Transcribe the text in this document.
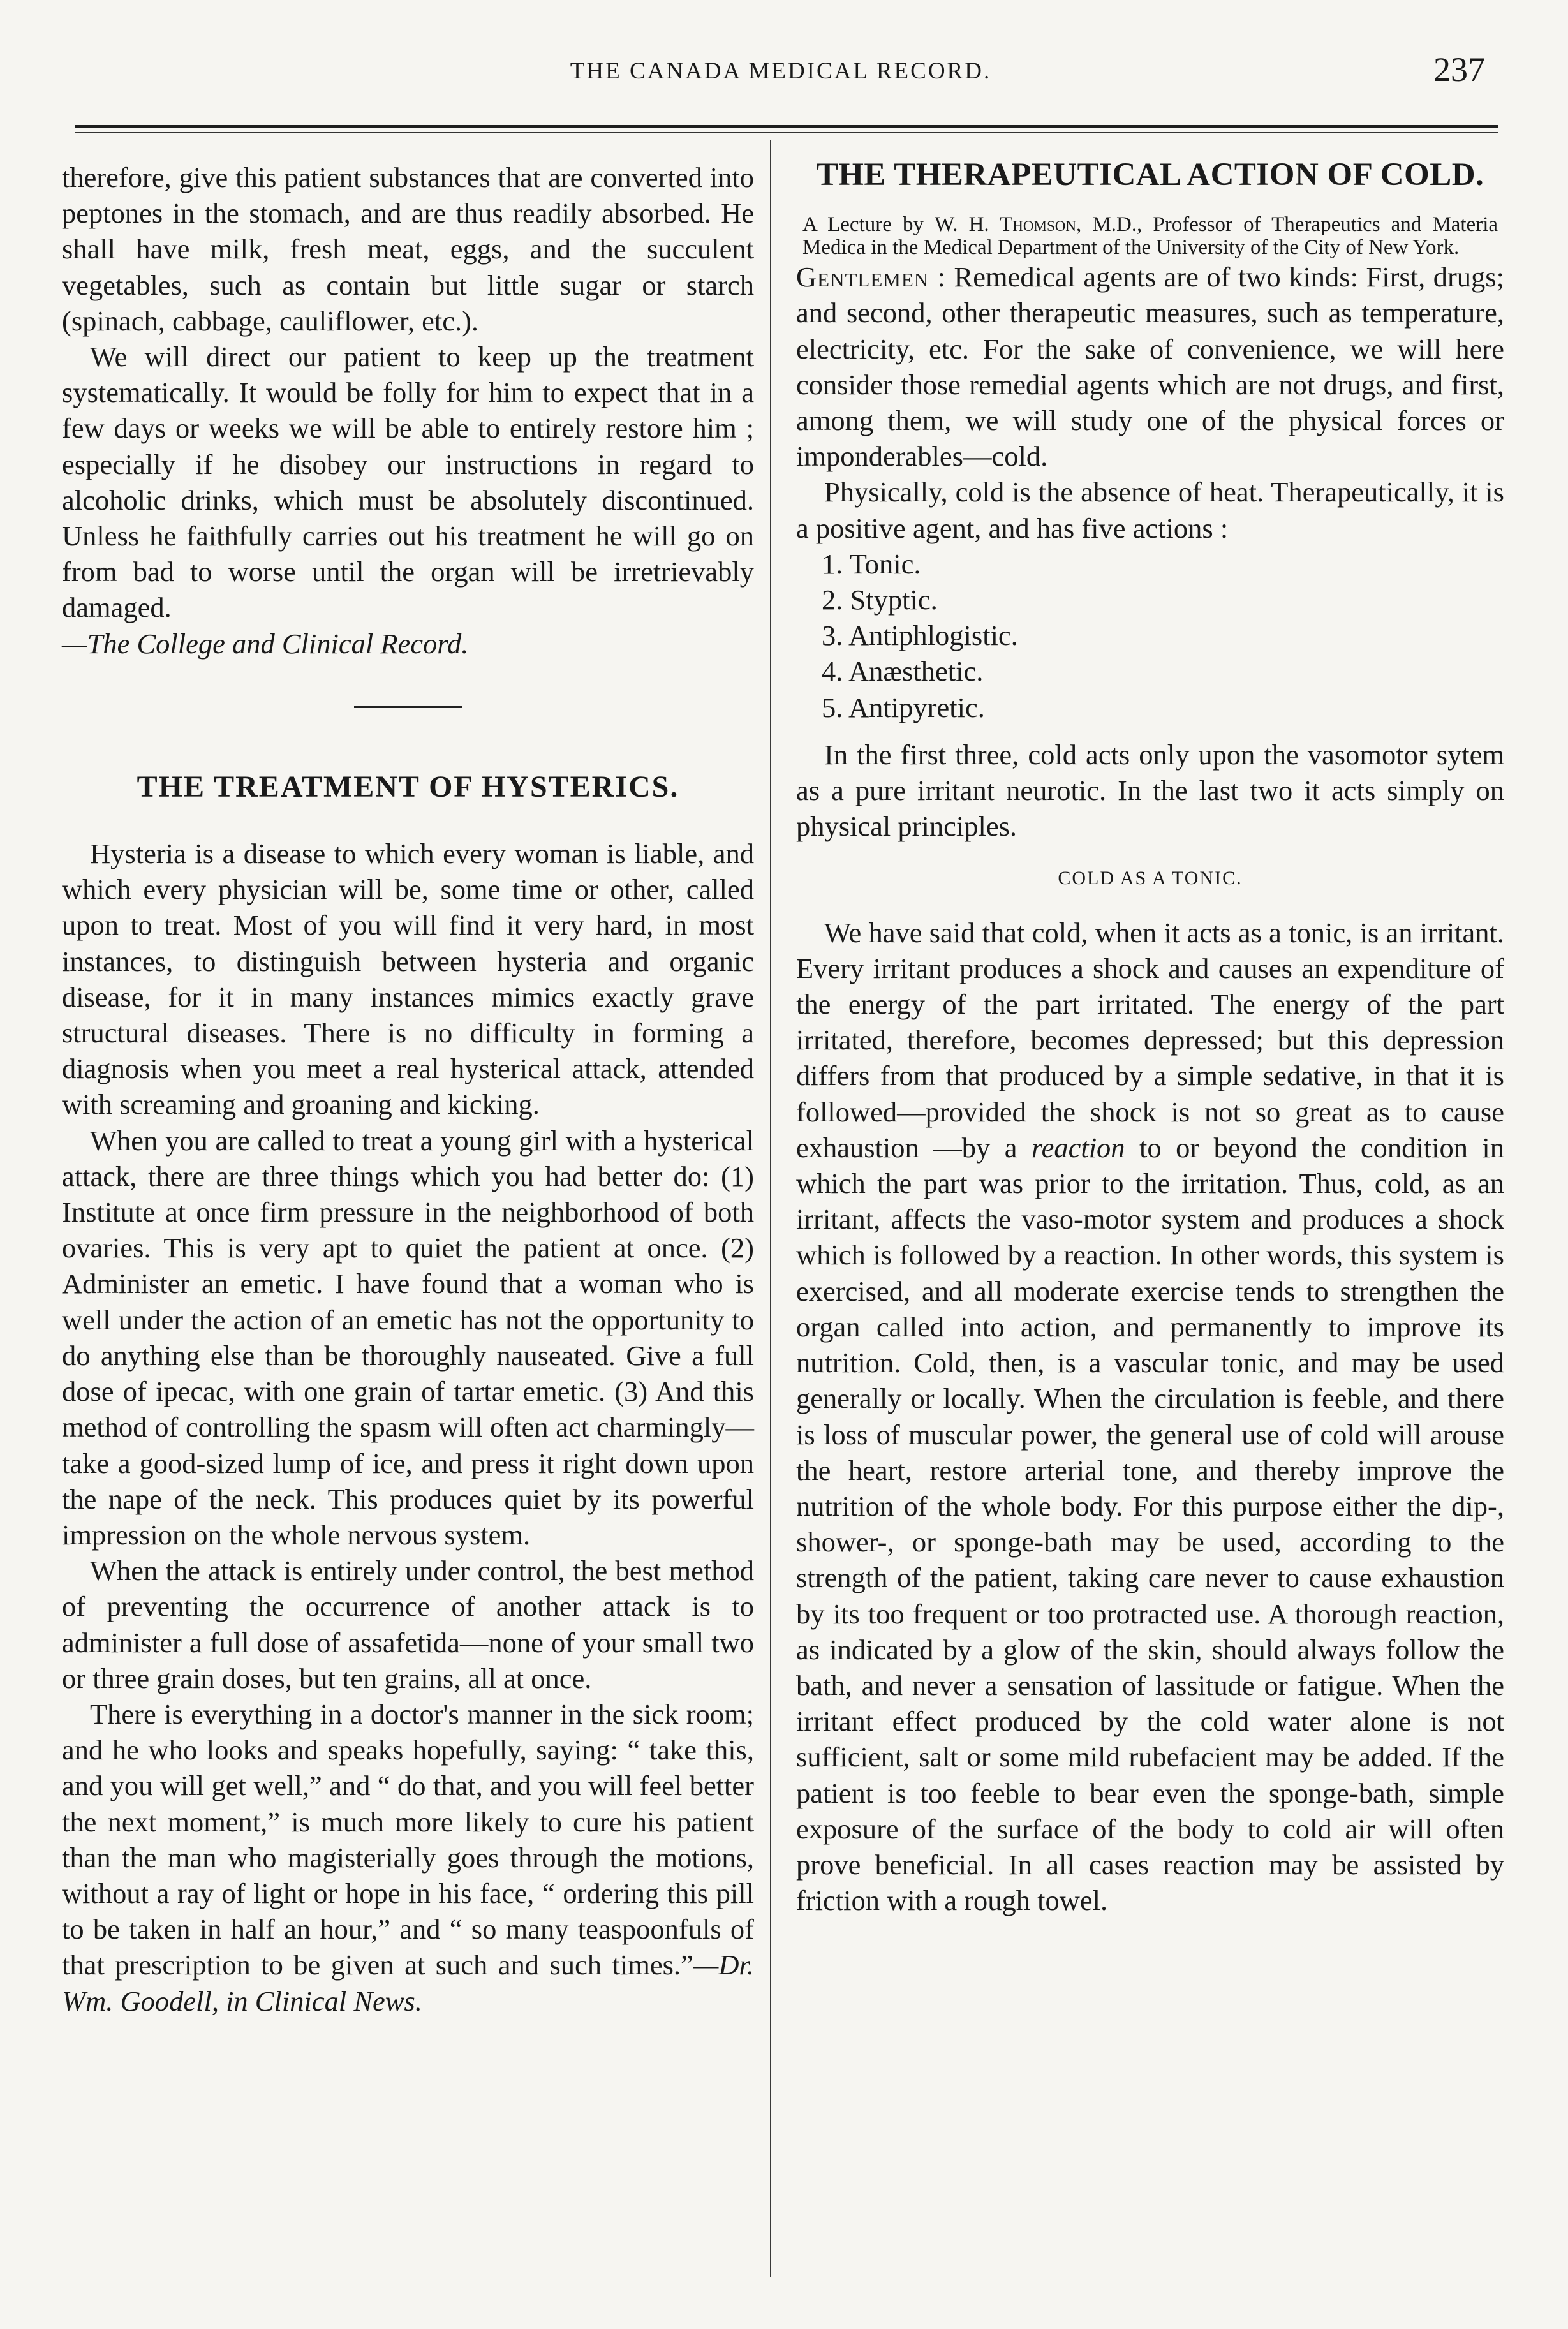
THE CANADA MEDICAL RECORD.	237

therefore, give this patient substances that are converted into peptones in the stomach, and are thus readily absorbed. He shall have milk, fresh meat, eggs, and the succulent vegetables, such as contain but little sugar or starch (spinach, cabbage, cauliflower, etc.).

We will direct our patient to keep up the treatment systematically. It would be folly for him to expect that in a few days or weeks we will be able to entirely restore him ; especially if he disobey our instructions in regard to alcoholic drinks, which must be absolutely discontinued. Unless he faithfully carries out his treatment he will go on from bad to worse until the organ will be irretrievably damaged.

—The College and Clinical Record.

THE TREATMENT OF HYSTERICS.

Hysteria is a disease to which every woman is liable, and which every physician will be, some time or other, called upon to treat. Most of you will find it very hard, in most instances, to distinguish between hysteria and organic disease, for it in many instances mimics exactly grave structural diseases. There is no difficulty in forming a diagnosis when you meet a real hysterical attack, attended with screaming and groaning and kicking.

When you are called to treat a young girl with a hysterical attack, there are three things which you had better do: (1) Institute at once firm pressure in the neighborhood of both ovaries. This is very apt to quiet the patient at once. (2) Administer an emetic. I have found that a woman who is well under the action of an emetic has not the opportunity to do anything else than be thoroughly nauseated. Give a full dose of ipecac, with one grain of tartar emetic. (3) And this method of controlling the spasm will often act charmingly—take a good-sized lump of ice, and press it right down upon the nape of the neck. This produces quiet by its powerful impression on the whole nervous system.

When the attack is entirely under control, the best method of preventing the occurrence of another attack is to administer a full dose of assafetida—none of your small two or three grain doses, but ten grains, all at once.

There is everything in a doctor's manner in the sick room; and he who looks and speaks hopefully, saying: “ take this, and you will get well,” and “ do that, and you will feel better the next moment,” is much more likely to cure his patient than the man who magisterially goes through the motions, without a ray of light or hope in his face, “ ordering this pill to be taken in half an hour,” and “ so many teaspoonfuls of that prescription to be given at such and such times.”—Dr. Wm. Goodell, in Clinical News.

THE THERAPEUTICAL ACTION OF COLD.

A Lecture by W. H. Thomson, M.D., Professor of Therapeutics and Materia Medica in the Medical Department of the University of the City of New York.

Gentlemen : Remedical agents are of two kinds: First, drugs; and second, other therapeutic measures, such as temperature, electricity, etc. For the sake of convenience, we will here consider those remedial agents which are not drugs, and first, among them, we will study one of the physical forces or imponderables—cold.

Physically, cold is the absence of heat. Therapeutically, it is a positive agent, and has five actions :

1. Tonic.
2. Styptic.
3. Antiphlogistic.
4. Anæsthetic.
5. Antipyretic.

In the first three, cold acts only upon the vasomotor sytem as a pure irritant neurotic. In the last two it acts simply on physical principles.

COLD AS A TONIC.

We have said that cold, when it acts as a tonic, is an irritant. Every irritant produces a shock and causes an expenditure of the energy of the part irritated. The energy of the part irritated, therefore, becomes depressed; but this depression differs from that produced by a simple sedative, in that it is followed—provided the shock is not so great as to cause exhaustion —by a reaction to or beyond the condition in which the part was prior to the irritation. Thus, cold, as an irritant, affects the vaso-motor system and produces a shock which is followed by a reaction. In other words, this system is exercised, and all moderate exercise tends to strengthen the organ called into action, and permanently to improve its nutrition. Cold, then, is a vascular tonic, and may be used generally or locally. When the circulation is feeble, and there is loss of muscular power, the general use of cold will arouse the heart, restore arterial tone, and thereby improve the nutrition of the whole body. For this purpose either the dip-, shower-, or sponge-bath may be used, according to the strength of the patient, taking care never to cause exhaustion by its too frequent or too protracted use. A thorough reaction, as indicated by a glow of the skin, should always follow the bath, and never a sensation of lassitude or fatigue. When the irritant effect produced by the cold water alone is not sufficient, salt or some mild rubefacient may be added. If the patient is too feeble to bear even the sponge-bath, simple exposure of the surface of the body to cold air will often prove beneficial. In all cases reaction may be assisted by friction with a rough towel.
